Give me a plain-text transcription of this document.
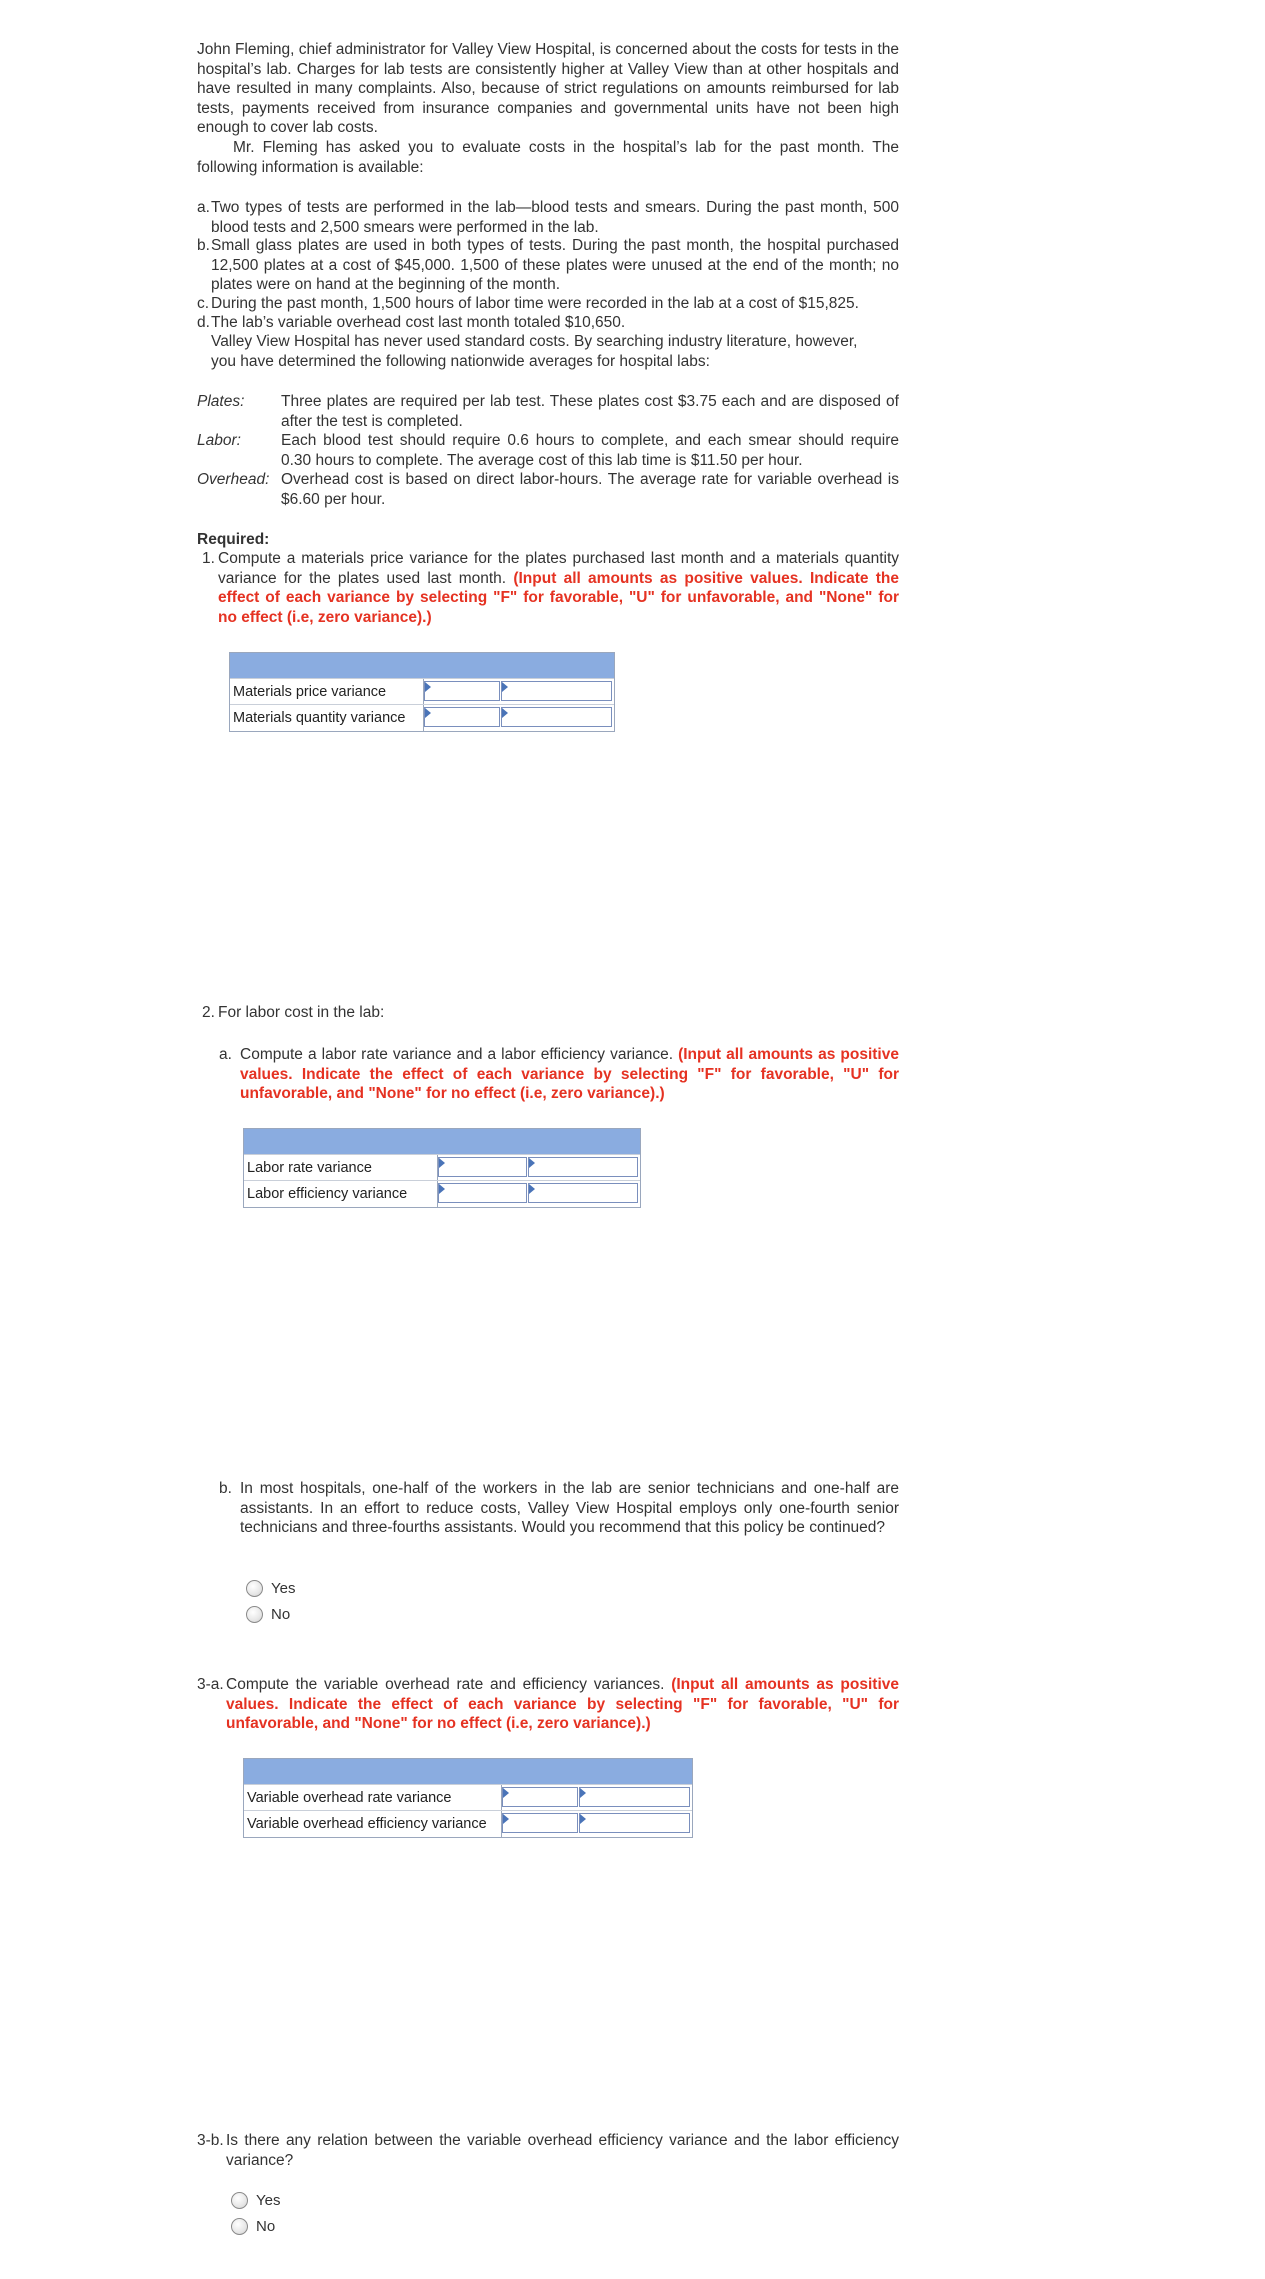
John Fleming, chief administrator for Valley View Hospital, is concerned about the costs for tests in the hospital’s lab. Charges for lab tests are consistently higher at Valley View than at other hospitals and have resulted in many complaints. Also, because of strict regulations on amounts reimbursed for lab tests, payments received from insurance companies and governmental units have not been high enough to cover lab costs.
Mr. Fleming has asked you to evaluate costs in the hospital’s lab for the past month. The following information is available:
a. Two types of tests are performed in the lab—blood tests and smears. During the past month, 500 blood tests and 2,500 smears were performed in the lab.
b. Small glass plates are used in both types of tests. During the past month, the hospital purchased 12,500 plates at a cost of $45,000. 1,500 of these plates were unused at the end of the month; no plates were on hand at the beginning of the month.
c. During the past month, 1,500 hours of labor time were recorded in the lab at a cost of $15,825.
d. The lab’s variable overhead cost last month totaled $10,650.
Valley View Hospital has never used standard costs. By searching industry literature, however, you have determined the following nationwide averages for hospital labs:
Plates: Three plates are required per lab test. These plates cost $3.75 each and are disposed of after the test is completed.
Labor:	Each blood test should require 0.6 hours to complete, and each smear should require 0.30 hours to complete. The average cost of this lab time is $11.50 per hour.
Overhead: Overhead cost is based on direct labor-hours. The average rate for variable overhead is $6.60 per hour.
Required:
1. Compute a materials price variance for the plates purchased last month and a materials quantity variance for the plates used last month. (Input all amounts as positive values. Indicate the effect of each variance by selecting "F" for favorable, "U" for unfavorable, and "None" for no effect (i.e, zero variance).)
Materials price variance
Materials quantity variance
2. For labor cost in the lab:
a. Compute a labor rate variance and a labor efficiency variance. (Input all amounts as positive values. Indicate the effect of each variance by selecting "F" for favorable, "U" for unfavorable, and "None" for no effect (i.e, zero variance).)
Labor rate variance
Labor efficiency variance
b. In most hospitals, one-half of the workers in the lab are senior technicians and one-half are assistants. In an effort to reduce costs, Valley View Hospital employs only one-fourth senior technicians and three-fourths assistants. Would you recommend that this policy be continued?
Yes
No
3-a. Compute the variable overhead rate and efficiency variances. (Input all amounts as positive values. Indicate the effect of each variance by selecting "F" for favorable, "U" for unfavorable, and "None" for no effect (i.e, zero variance).)
Variable overhead rate variance
Variable overhead efficiency variance
3-b. Is there any relation between the variable overhead efficiency variance and the labor efficiency variance?
Yes
No
